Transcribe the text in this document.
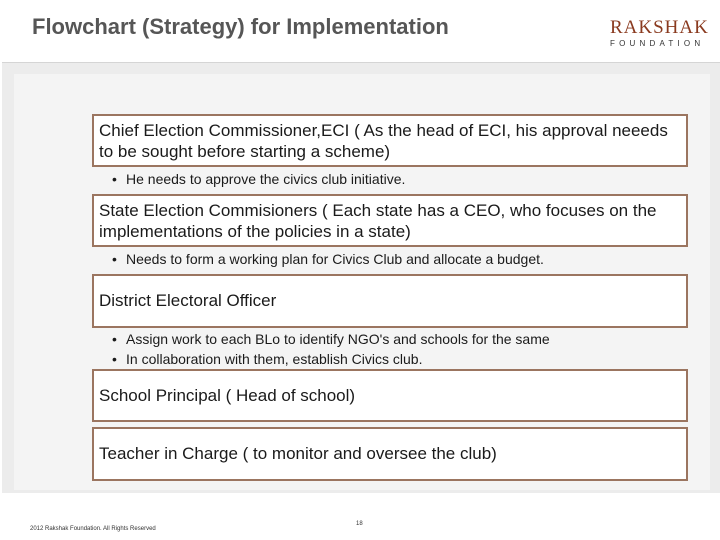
Flowchart (Strategy) for Implementation	RAKSHAK
FOUNDATION
Chief Election Commissioner,ECI ( As the head of ECI, his approval neeeds to be sought before starting a scheme)
• He needs to approve the civics club initiative.
State Election Commisioners ( Each state has a CEO, who focuses on the implementations of the policies in a state)
• Needs to form a working plan for Civics Club and allocate a budget.
District Electoral Officer
• Assign work to each BLo to identify NGO's and schools for the same
• In collaboration with them, establish Civics club.
School Principal ( Head of school)
Teacher in Charge ( to monitor and oversee the club)
2012 Rakshak Foundation. All Rights Reserved
18
